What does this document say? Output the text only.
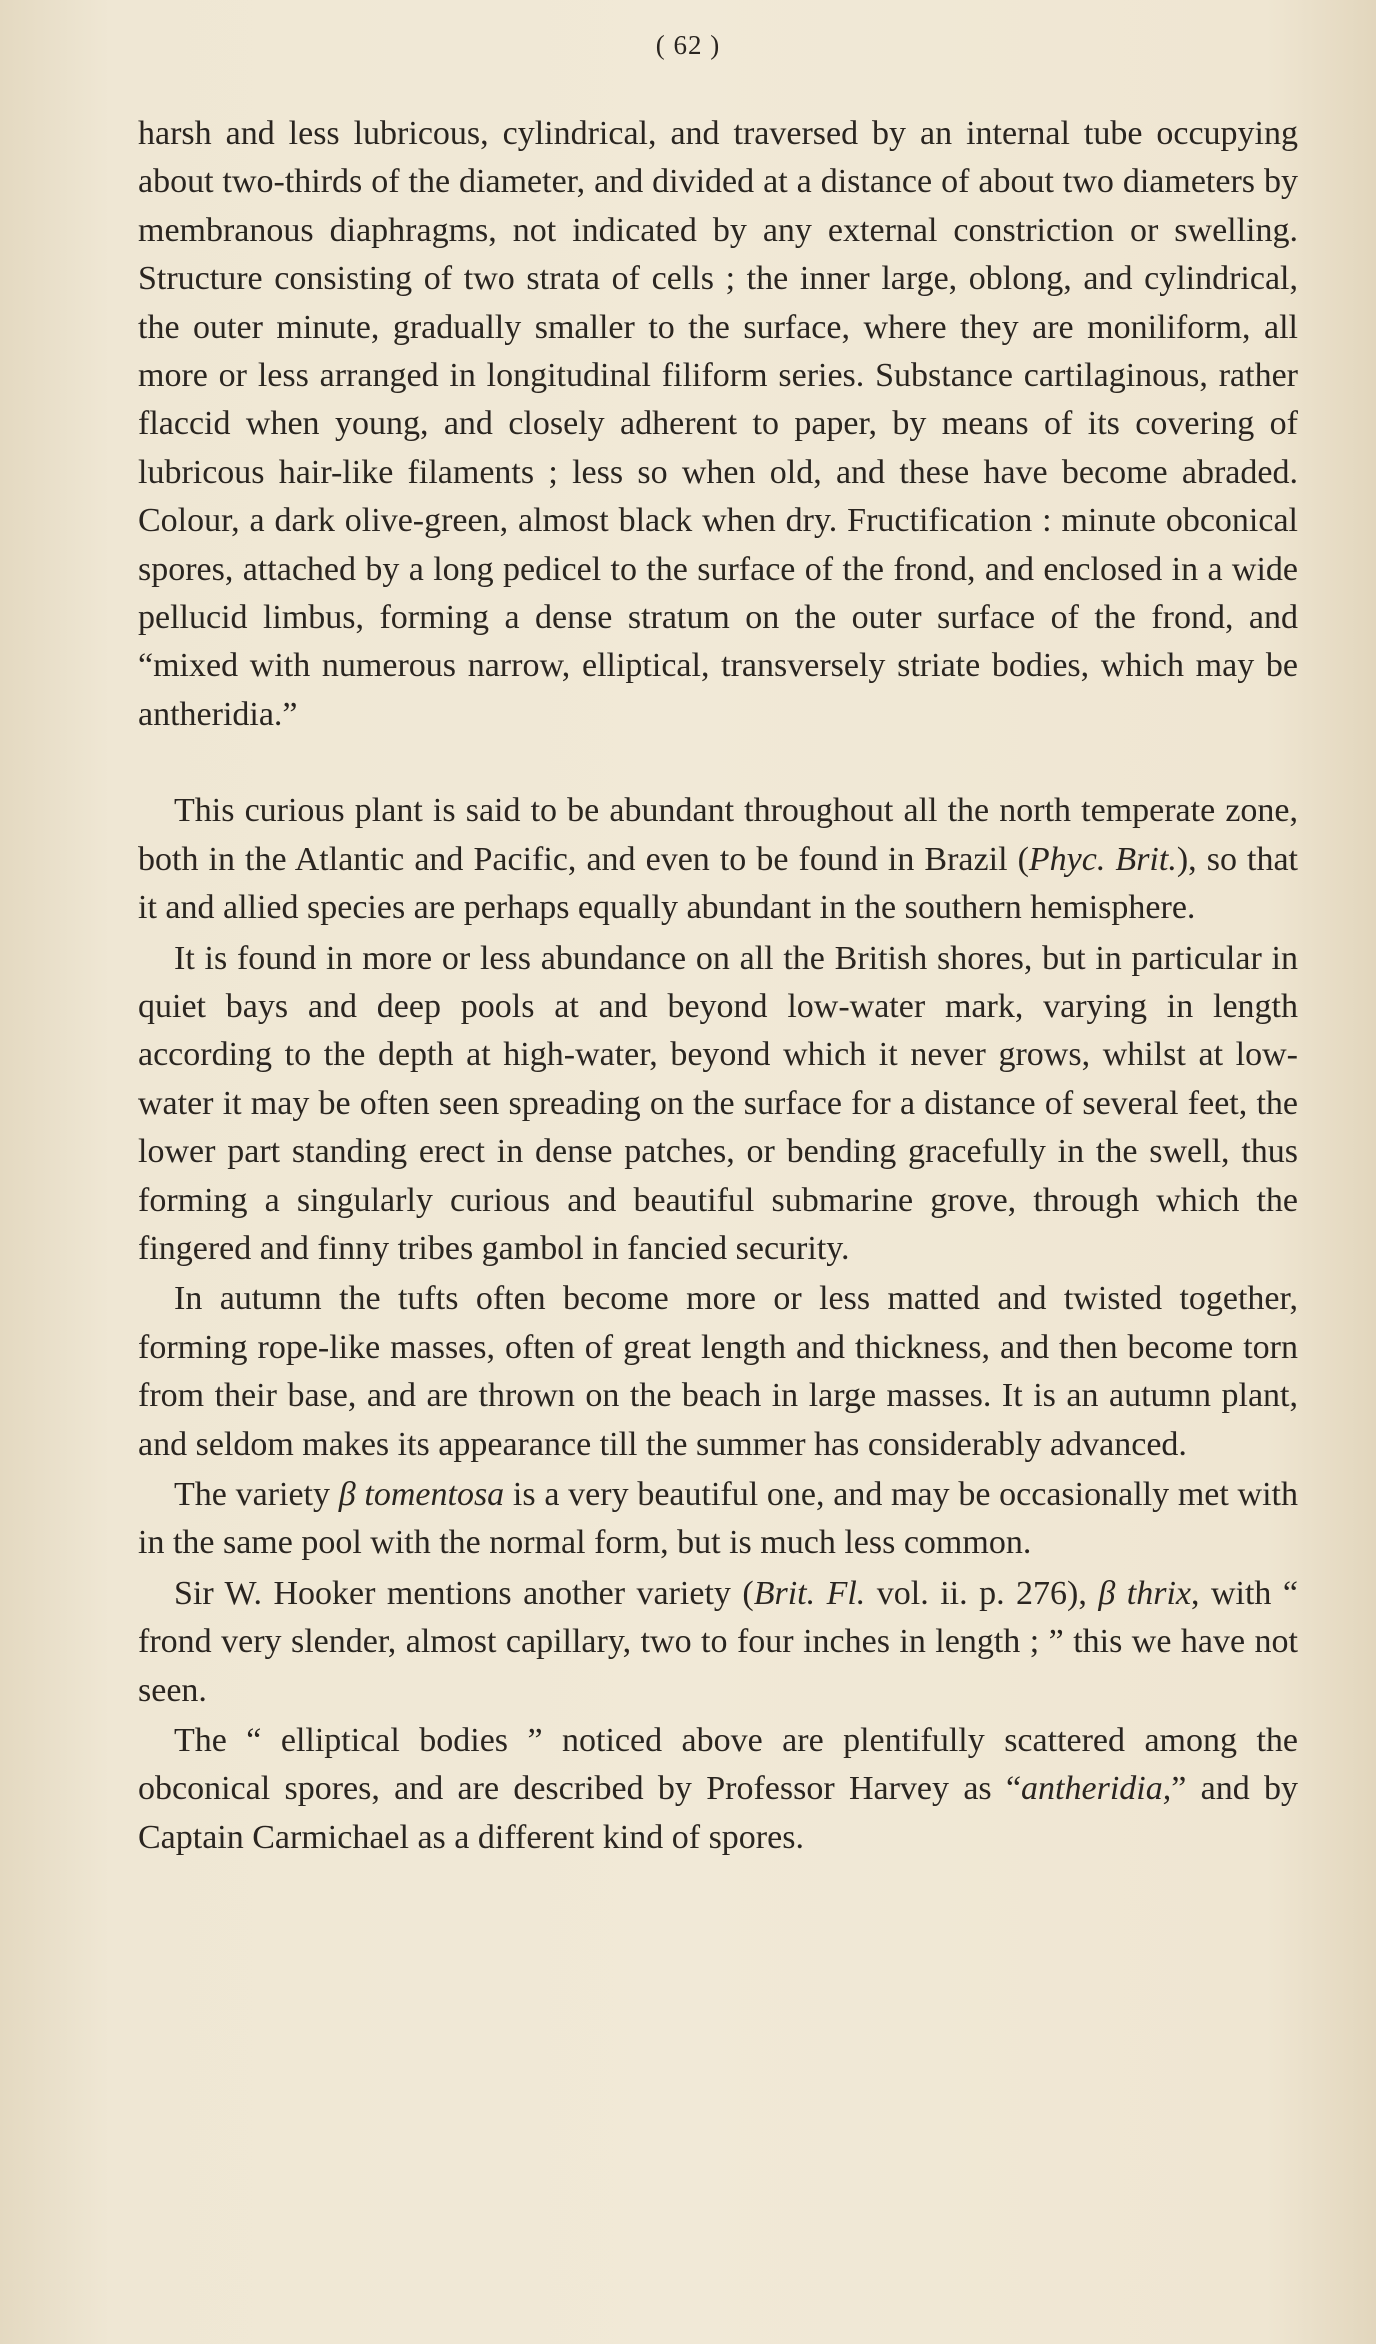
( 62 )

harsh and less lubricous, cylindrical, and traversed by an internal tube occupying about two-thirds of the diameter, and divided at a distance of about two diameters by membranous diaphragms, not indicated by any external constriction or swelling. Structure consisting of two strata of cells ; the inner large, oblong, and cylindrical, the outer minute, gradually smaller to the surface, where they are moniliform, all more or less arranged in longitudinal filiform series. Substance cartilaginous, rather flaccid when young, and closely adherent to paper, by means of its covering of lubricous hair-like filaments ; less so when old, and these have become abraded. Colour, a dark olive-green, almost black when dry. Fructification : minute obconical spores, attached by a long pedicel to the surface of the frond, and enclosed in a wide pellucid limbus, forming a dense stratum on the outer surface of the frond, and “mixed with numerous narrow, elliptical, transversely striate bodies, which may be antheridia.”

This curious plant is said to be abundant throughout all the north temperate zone, both in the Atlantic and Pacific, and even to be found in Brazil (Phyc. Brit.), so that it and allied species are perhaps equally abundant in the southern hemisphere.

It is found in more or less abundance on all the British shores, but in particular in quiet bays and deep pools at and beyond low-water mark, varying in length according to the depth at high-water, beyond which it never grows, whilst at low-water it may be often seen spreading on the surface for a distance of several feet, the lower part standing erect in dense patches, or bending gracefully in the swell, thus forming a singularly curious and beautiful submarine grove, through which the fingered and finny tribes gambol in fancied security.

In autumn the tufts often become more or less matted and twisted together, forming rope-like masses, often of great length and thickness, and then become torn from their base, and are thrown on the beach in large masses. It is an autumn plant, and seldom makes its appearance till the summer has considerably advanced.

The variety β tomentosa is a very beautiful one, and may be occasionally met with in the same pool with the normal form, but is much less common.

Sir W. Hooker mentions another variety (Brit. Fl. vol. ii. p. 276), β thrix, with “ frond very slender, almost capillary, two to four inches in length ; ” this we have not seen.

The “ elliptical bodies ” noticed above are plentifully scattered among the obconical spores, and are described by Professor Harvey as “antheridia,” and by Captain Carmichael as a different kind of spores.
